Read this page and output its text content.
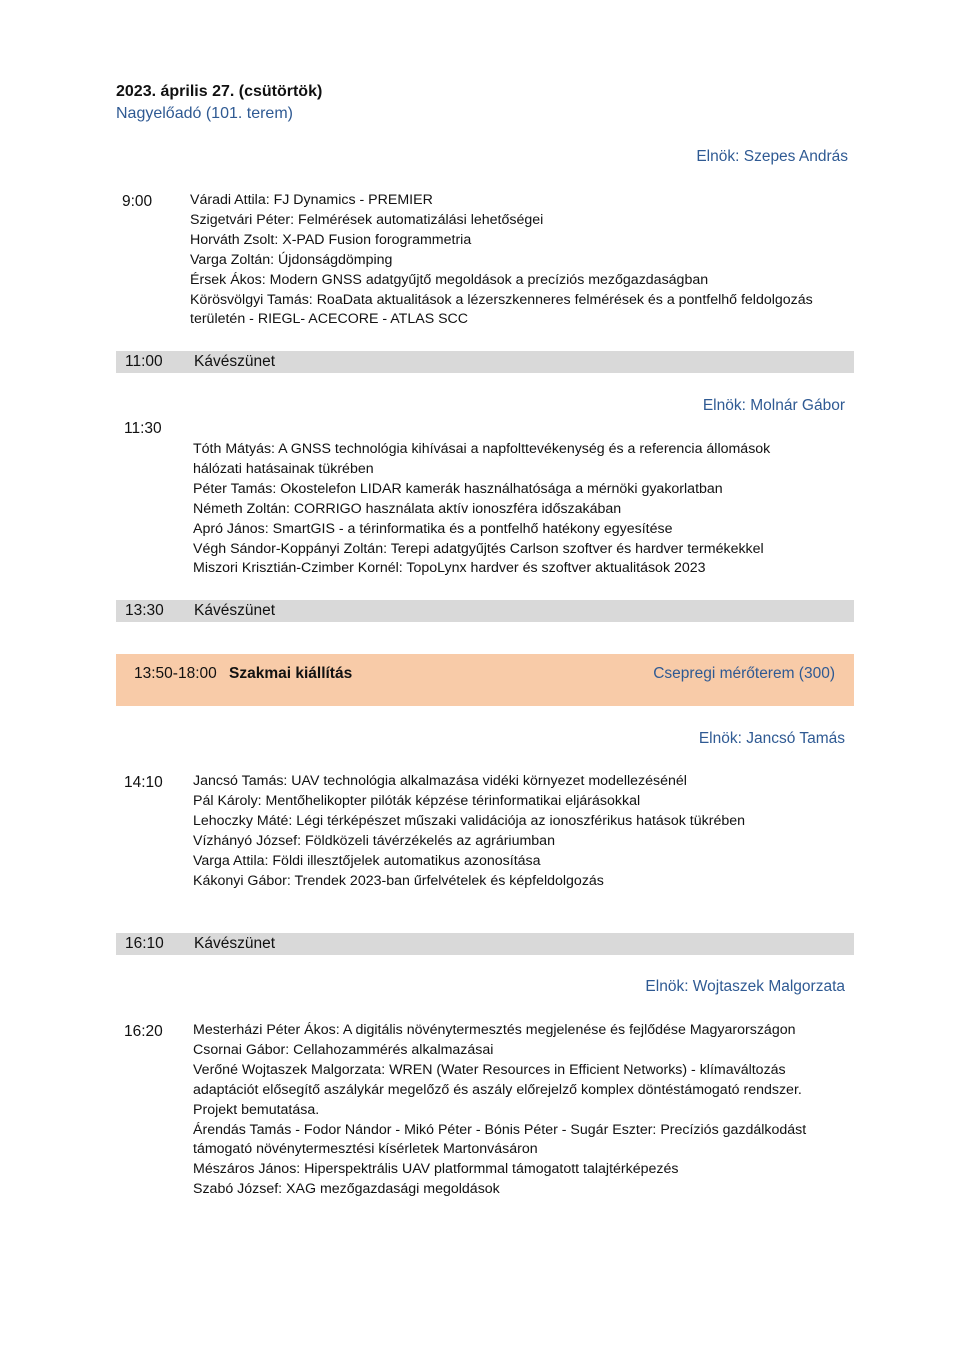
2023. április 27. (csütörtök)
Nagyelőadó (101. terem)
Elnök: Szepes András
9:00	Váradi Attila: FJ Dynamics - PREMIER
Szigetvári Péter: Felmérések automatizálási lehetőségei
Horváth Zsolt: X-PAD Fusion forogrammetria
Varga Zoltán: Újdonságdömping
Érsek Ákos: Modern GNSS adatgyűjtő megoldások a precíziós mezőgazdaságban
Körösvölgyi Tamás: RoaData aktualitások a lézerszkenneres felmérések és a pontfelhő feldolgozás
területén - RIEGL- ACECORE - ATLAS SCC
11:00 Kávészünet
Elnök: Molnár Gábor
11:30
Tóth Mátyás: A GNSS technológia kihívásai a napfolttevékenység és a referencia állomások
hálózati hatásainak tükrében
Péter Tamás: Okostelefon LIDAR kamerák használhatósága a mérnöki gyakorlatban
Németh Zoltán: CORRIGO használata aktív ionoszféra időszakában
Apró János: SmartGIS - a térinformatika és a pontfelhő hatékony egyesítése
Végh Sándor-Koppányi Zoltán: Terepi adatgyűjtés Carlson szoftver és hardver termékekkel
Miszori Krisztián-Czimber Kornél: TopoLynx hardver és szoftver aktualitások 2023
13:30 Kávészünet
13:50-18:00 Szakmai kiállítás	Csepregi mérőterem (300)
Elnök: Jancsó Tamás
14:10 Jancsó Tamás: UAV technológia alkalmazása vidéki környezet modellezésénél
Pál Károly: Mentőhelikopter pilóták képzése térinformatikai eljárásokkal
Lehoczky Máté: Légi térképészet műszaki validációja az ionoszférikus hatások tükrében
Vízhányó József: Földközeli távérzékelés az agráriumban
Varga Attila: Földi illesztőjelek automatikus azonosítása
Kákonyi Gábor: Trendek 2023-ban űrfelvételek és képfeldolgozás
16:10 Kávészünet
Elnök: Wojtaszek Malgorzata
16:20 Mesterházi Péter Ákos: A digitális növénytermesztés megjelenése és fejlődése Magyarországon
Csornai Gábor: Cellahozammérés alkalmazásai
Verőné Wojtaszek Malgorzata: WREN (Water Resources in Efficient Networks) - klímaváltozás
adaptációt elősegítő aszálykár megelőző és aszály előrejelző komplex döntéstámogató rendszer.
Projekt bemutatása.
Árendás Tamás - Fodor Nándor - Mikó Péter - Bónis Péter - Sugár Eszter: Precíziós gazdálkodást
támogató növénytermesztési kísérletek Martonvásáron
Mészáros János: Hiperspektrális UAV platformmal támogatott talajtérképezés
Szabó József: XAG mezőgazdasági megoldások
